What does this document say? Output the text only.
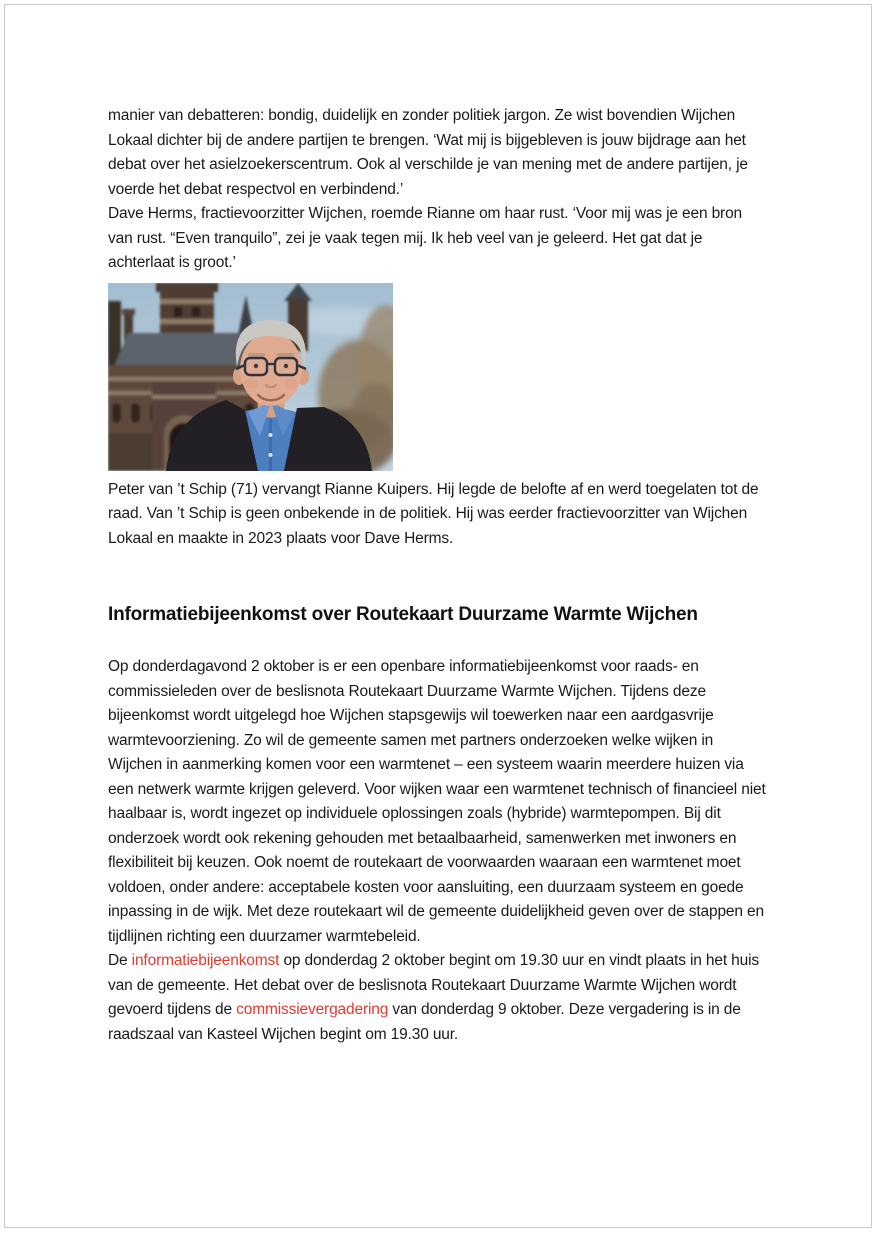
manier van debatteren: bondig, duidelijk en zonder politiek jargon. Ze wist bovendien Wijchen Lokaal dichter bij de andere partijen te brengen. ‘Wat mij is bijgebleven is jouw bijdrage aan het debat over het asielzoekerscentrum. Ook al verschilde je van mening met de andere partijen, je voerde het debat respectvol en verbindend.’

Dave Herms, fractievoorzitter Wijchen, roemde Rianne om haar rust. ‘Voor mij was je een bron van rust. “Even tranquilo”, zei je vaak tegen mij. Ik heb veel van je geleerd. Het gat dat je achterlaat is groot.’

Peter van ’t Schip (71) vervangt Rianne Kuipers. Hij legde de belofte af en werd toegelaten tot de raad. Van ’t Schip is geen onbekende in de politiek. Hij was eerder fractievoorzitter van Wijchen Lokaal en maakte in 2023 plaats voor Dave Herms.

Informatiebijeenkomst over Routekaart Duurzame Warmte Wijchen

Op donderdagavond 2 oktober is er een openbare informatiebijeenkomst voor raads- en commissieleden over de beslisnota Routekaart Duurzame Warmte Wijchen. Tijdens deze bijeenkomst wordt uitgelegd hoe Wijchen stapsgewijs wil toewerken naar een aardgasvrije warmtevoorziening. Zo wil de gemeente samen met partners onderzoeken welke wijken in Wijchen in aanmerking komen voor een warmtenet – een systeem waarin meerdere huizen via een netwerk warmte krijgen geleverd. Voor wijken waar een warmtenet technisch of financieel niet haalbaar is, wordt ingezet op individuele oplossingen zoals (hybride) warmtepompen. Bij dit onderzoek wordt ook rekening gehouden met betaalbaarheid, samenwerken met inwoners en flexibiliteit bij keuzen. Ook noemt de routekaart de voorwaarden waaraan een warmtenet moet voldoen, onder andere: acceptabele kosten voor aansluiting, een duurzaam systeem en goede inpassing in de wijk. Met deze routekaart wil de gemeente duidelijkheid geven over de stappen en tijdlijnen richting een duurzamer warmtebeleid.

De informatiebijeenkomst op donderdag 2 oktober begint om 19.30 uur en vindt plaats in het huis van de gemeente. Het debat over de beslisnota Routekaart Duurzame Warmte Wijchen wordt gevoerd tijdens de commissievergadering van donderdag 9 oktober. Deze vergadering is in de raadszaal van Kasteel Wijchen begint om 19.30 uur.
